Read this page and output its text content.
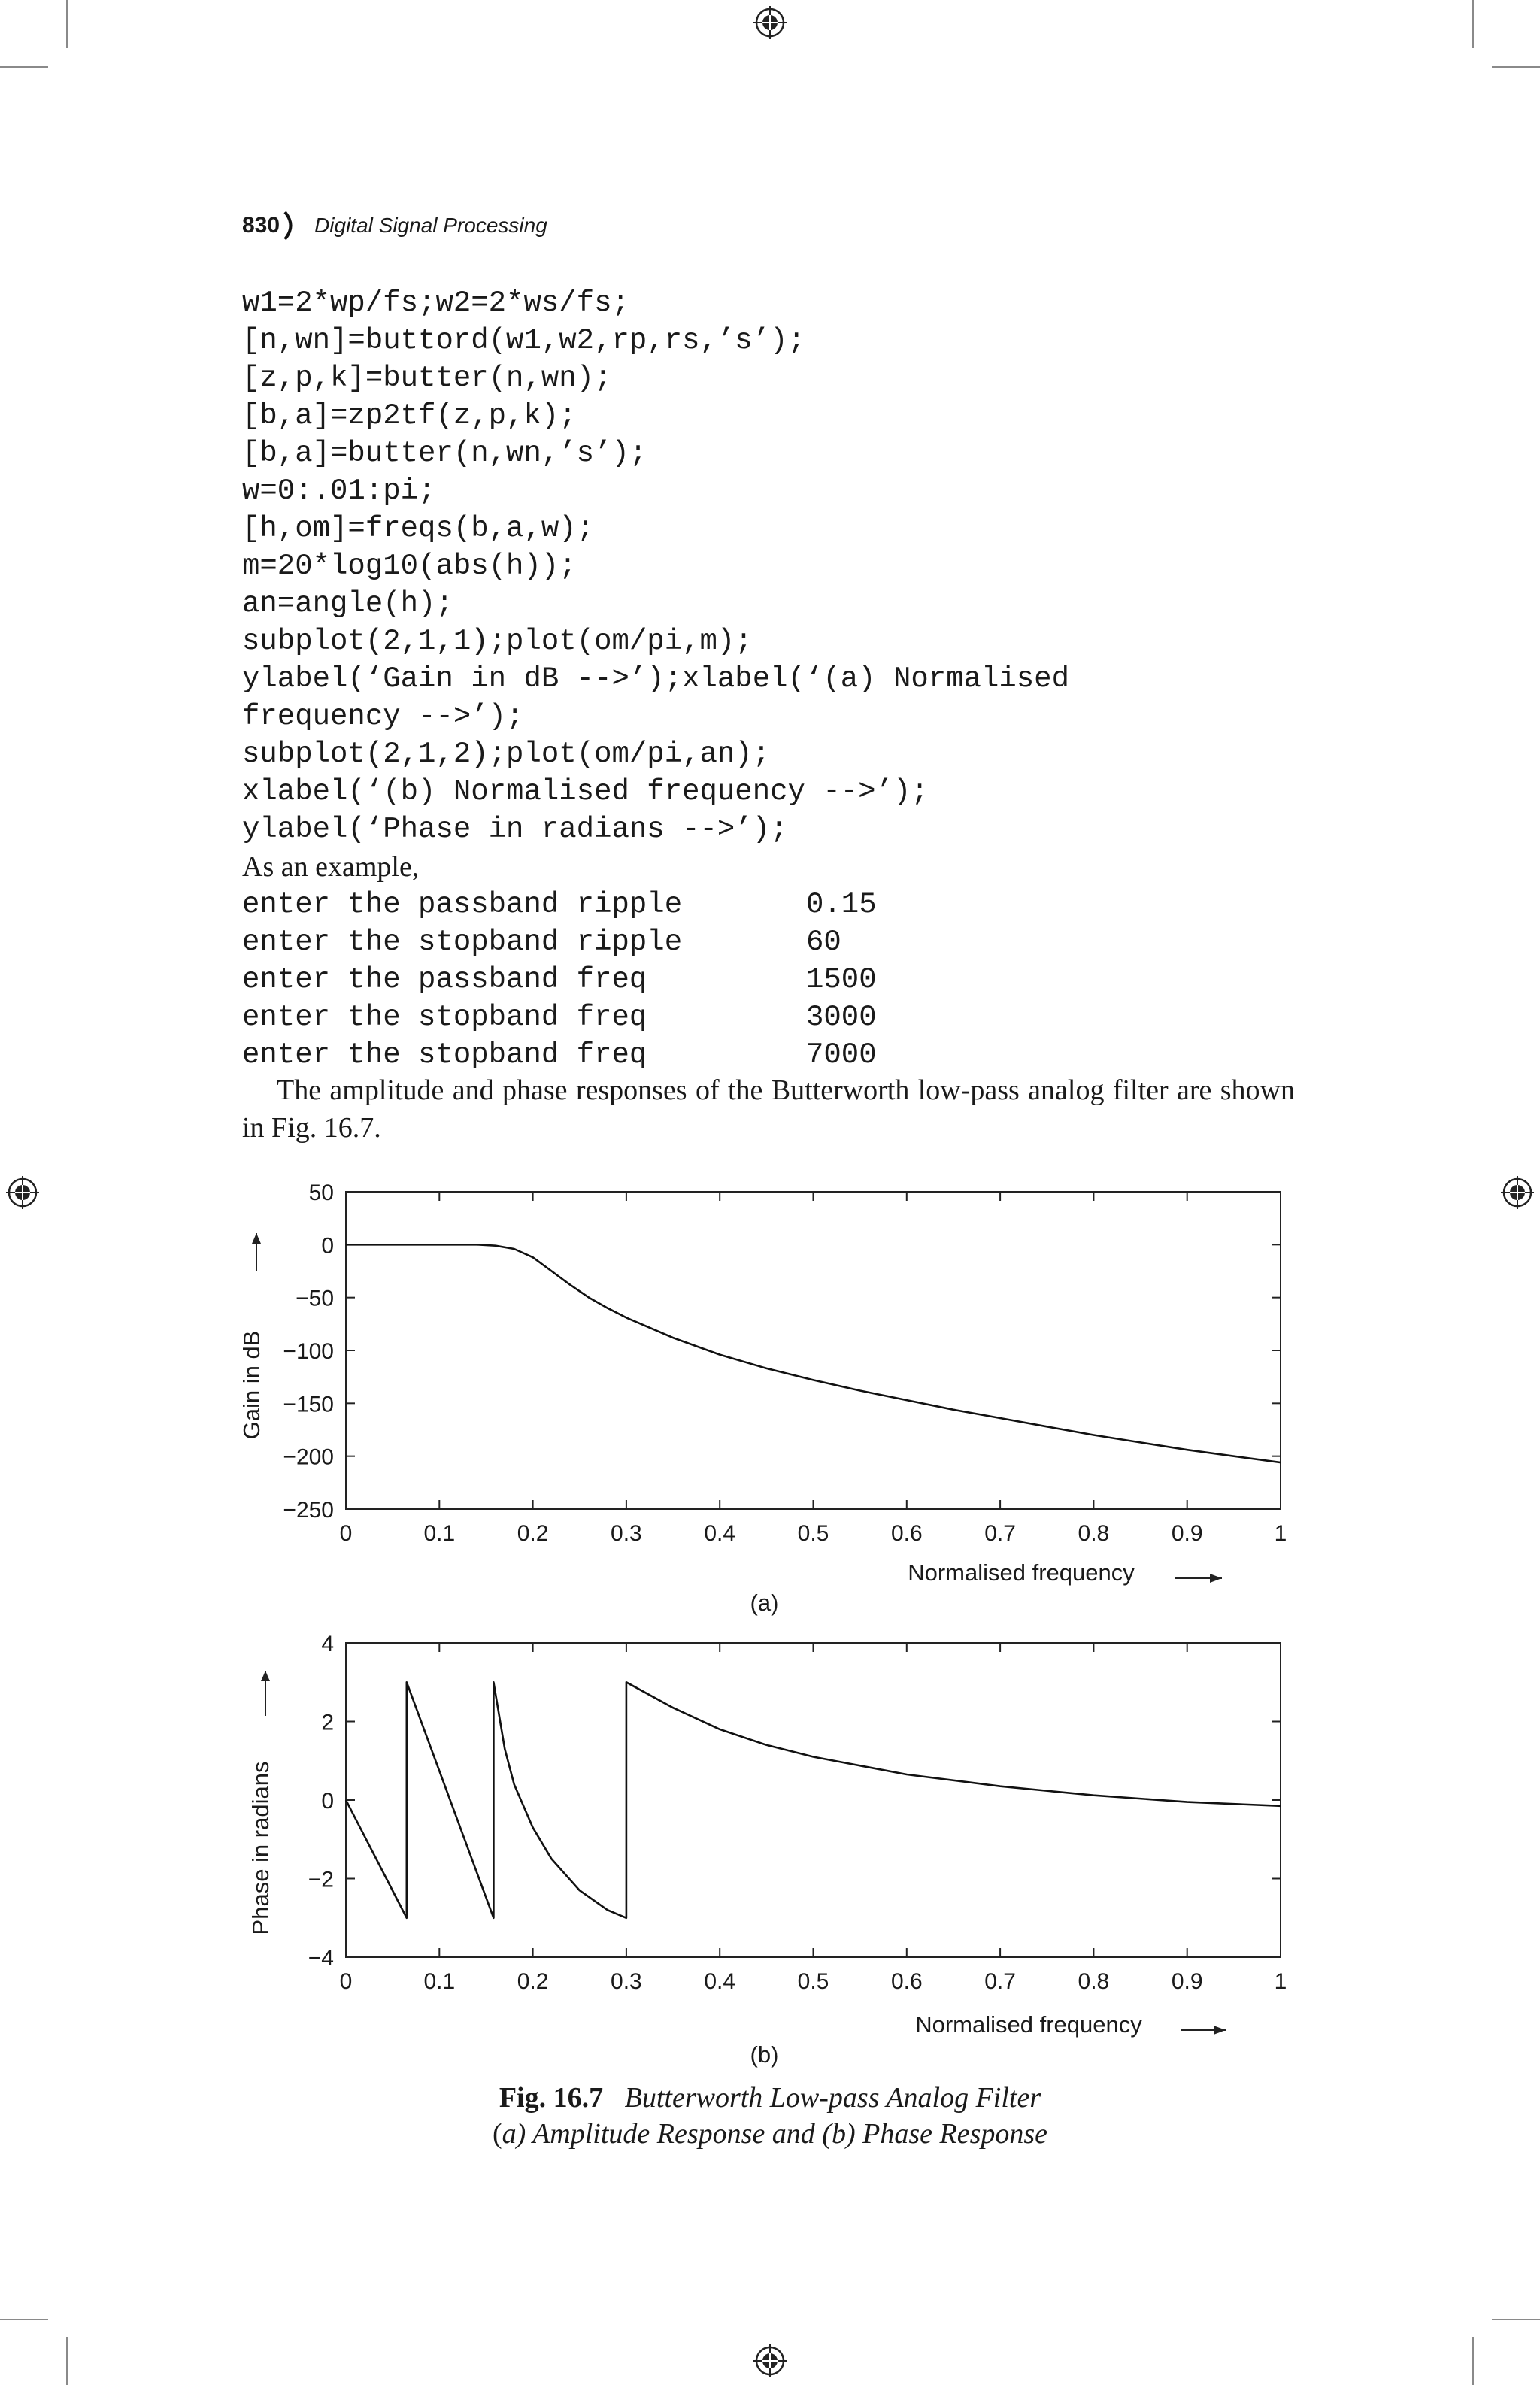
830 Digital Signal Processing
w1=2*wp/fs;w2=2*ws/fs;
[n,wn]=buttord(w1,w2,rp,rs,’s’);
[z,p,k]=butter(n,wn);
[b,a]=zp2tf(z,p,k);
[b,a]=butter(n,wn,’s’);
w=0:.01:pi;
[h,om]=freqs(b,a,w);
m=20*log10(abs(h));
an=angle(h);
subplot(2,1,1);plot(om/pi,m);
ylabel(‘Gain in dB -->’);xlabel(‘(a) Normalised
frequency -->’);
subplot(2,1,2);plot(om/pi,an);
xlabel(‘(b) Normalised frequency -->’);
ylabel(‘Phase in radians -->’);
As an example,
enter the passband ripple	0.15
enter the stopband ripple	60
enter the passband freq	1500
enter the stopband freq	3000
enter the stopband freq	7000
The amplitude and phase responses of the Butterworth low-pass analog filter are shown in Fig. 16.7.
0	0.1	0.2	0.3	0.4	0.5	0.6	0.7	0.8	0.9	1
50
0
−50
−100
−150
−200
−250
Gain in dB
Normalised frequency
(a)
0	0.1	0.2	0.3	0.4	0.5	0.6	0.7	0.8	0.9	1
4
2
0
−2
−4
Phase in radians
Normalised frequency
(b)
Fig. 16.7 Butterworth Low-pass Analog Filter
(a) Amplitude Response and (b) Phase Response
